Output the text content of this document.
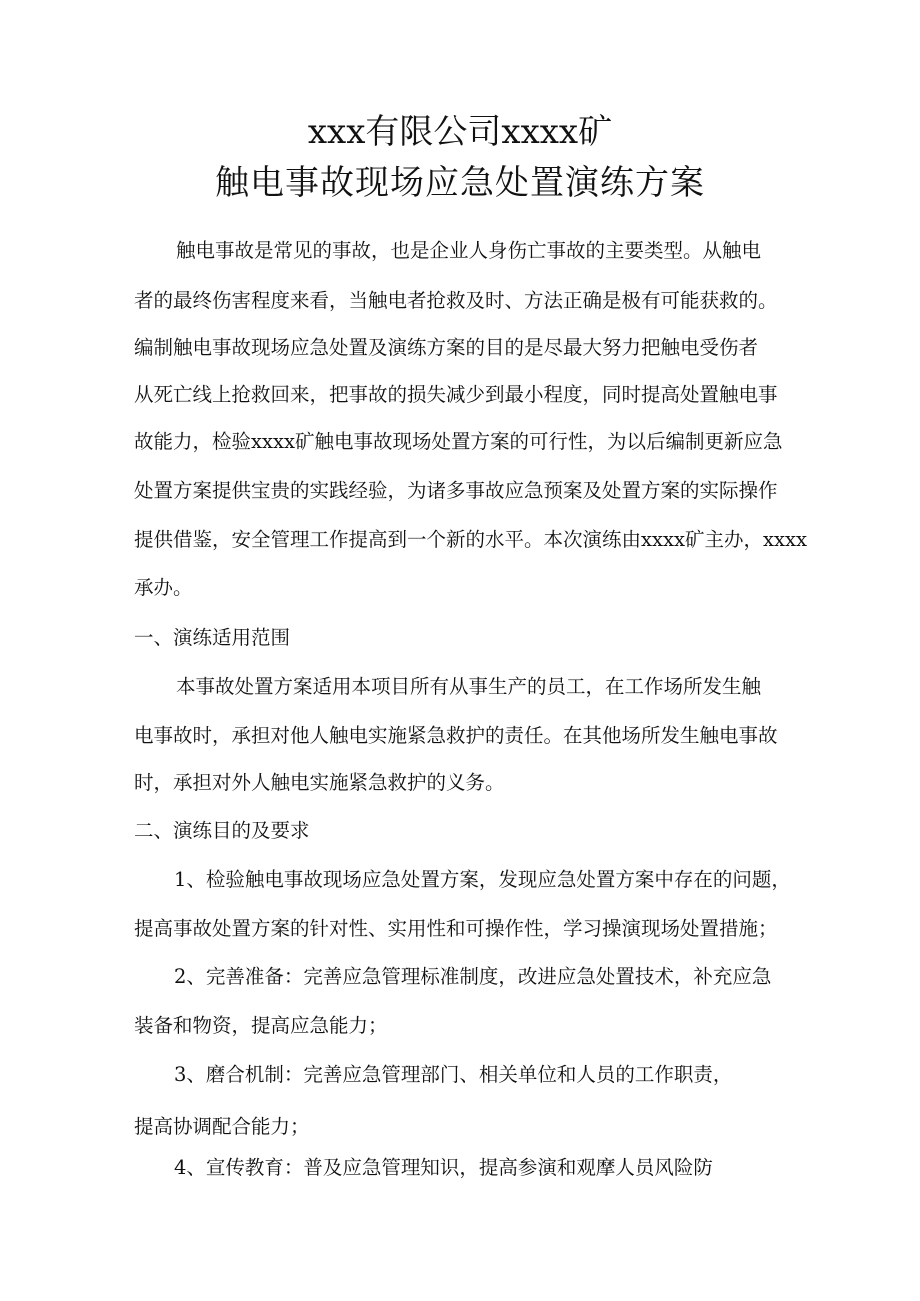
xxx有限公司xxxx矿
触电事故现场应急处置演练方案
触电事故是常见的事故，也是企业人身伤亡事故的主要类型。从触电
者的最终伤害程度来看，当触电者抢救及时、方法正确是极有可能获救的。
编制触电事故现场应急处置及演练方案的目的是尽最大努力把触电受伤者
从死亡线上抢救回来，把事故的损失减少到最小程度，同时提高处置触电事
故能力，检验xxxx矿触电事故现场处置方案的可行性，为以后编制更新应急
处置方案提供宝贵的实践经验，为诸多事故应急预案及处置方案的实际操作
提供借鉴，安全管理工作提高到一个新的水平。本次演练由xxxx矿主办，xxxx
承办。
一、演练适用范围
本事故处置方案适用本项目所有从事生产的员工，在工作场所发生触
电事故时，承担对他人触电实施紧急救护的责任。在其他场所发生触电事故
时，承担对外人触电实施紧急救护的义务。
二、演练目的及要求
1、检验触电事故现场应急处置方案，发现应急处置方案中存在的问题，
提高事故处置方案的针对性、实用性和可操作性，学习操演现场处置措施；
2、完善准备：完善应急管理标准制度，改进应急处置技术，补充应急
装备和物资，提高应急能力；
3、磨合机制：完善应急管理部门、相关单位和人员的工作职责，
提高协调配合能力；
4、宣传教育：普及应急管理知识，提高参演和观摩人员风险防
